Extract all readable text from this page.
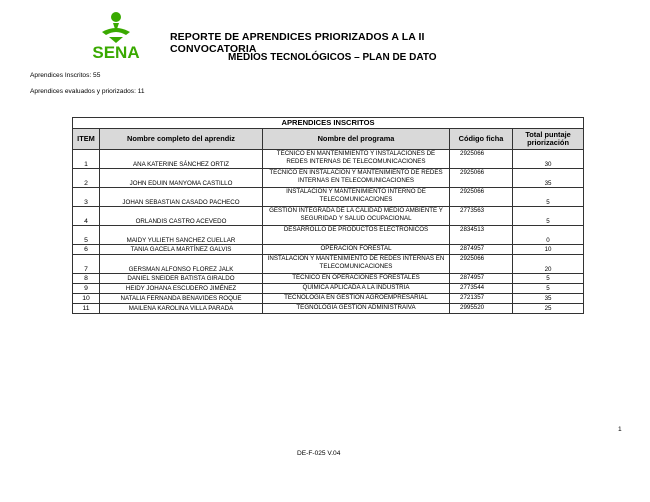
SENA
REPORTE DE APRENDICES PRIORIZADOS A LA II CONVOCATORIA
MEDIOS TECNOLÓGICOS – PLAN DE DATO
Aprendices Inscritos: 55
Aprendices evaluados y priorizados: 11
APRENDICES INSCRITOS				
ITEM	Nombre completo del aprendiz	Nombre del programa	Código ficha	Total puntaje priorización
1	ANA KATERINE SÁNCHEZ ORTIZ	TÉCNICO EN MANTENIMIENTO Y INSTALACIONES DE REDES INTERNAS DE TELECOMUNICACIONES	2925066	30
2	JOHN EDUIN MANYOMA CASTILLO	TECNICO EN INSTALACIÓN Y MANTENIMIENTO DE REDES INTERNAS EN TELECOMUNICACIONES	2925066	35
3	JOHAN SEBASTIAN CASADO PACHECO	INSTALACIÓN Y MANTENIMIENTO INTERNO DE TELECOMUNICACIONES	2925066	5
4	ORLANDIS CASTRO ACEVEDO	GESTION INTEGRADA DE LA CALIDAD MEDIO AMBIENTE Y SEGURIDAD Y SALUD OCUPACIONAL	2773563	5
5	MAIDY YULIETH SANCHEZ CUELLAR	DESARROLLO DE PRODUCTOS ELECTRONICOS	2834513	0
6	TANIA GACELA MARTÍNEZ GALVIS	OPERACION FORESTAL	2874957	10
7	GERSMAN ALFONSO FLOREZ JALK	INSTALACIÓN Y MANTENIMIENTO DE REDES INTERNAS EN TELECOMUNICACIONES	2925066	20
8	DANIEL SNEIDER BATISTA GIRALDO	TÉCNICO EN OPERACIONES FORESTALES	2874957	5
9	HEIDY JOHANA ESCUDERO JIMÉNEZ	QUÍMICA APLICADA A LA INDUSTRIA	2773544	5
10	NATALIA FERNANDA BENAVIDES ROQUE	TECNOLOGIA EN GESTION AGROEMPRESARIAL	2721357	35
11	MAILENA KAROLINA VILLA PARADA	TEGNOLOGIA GESTION ADMINISTRAIVA	2995520	25
1
DE-F-025 V.04
